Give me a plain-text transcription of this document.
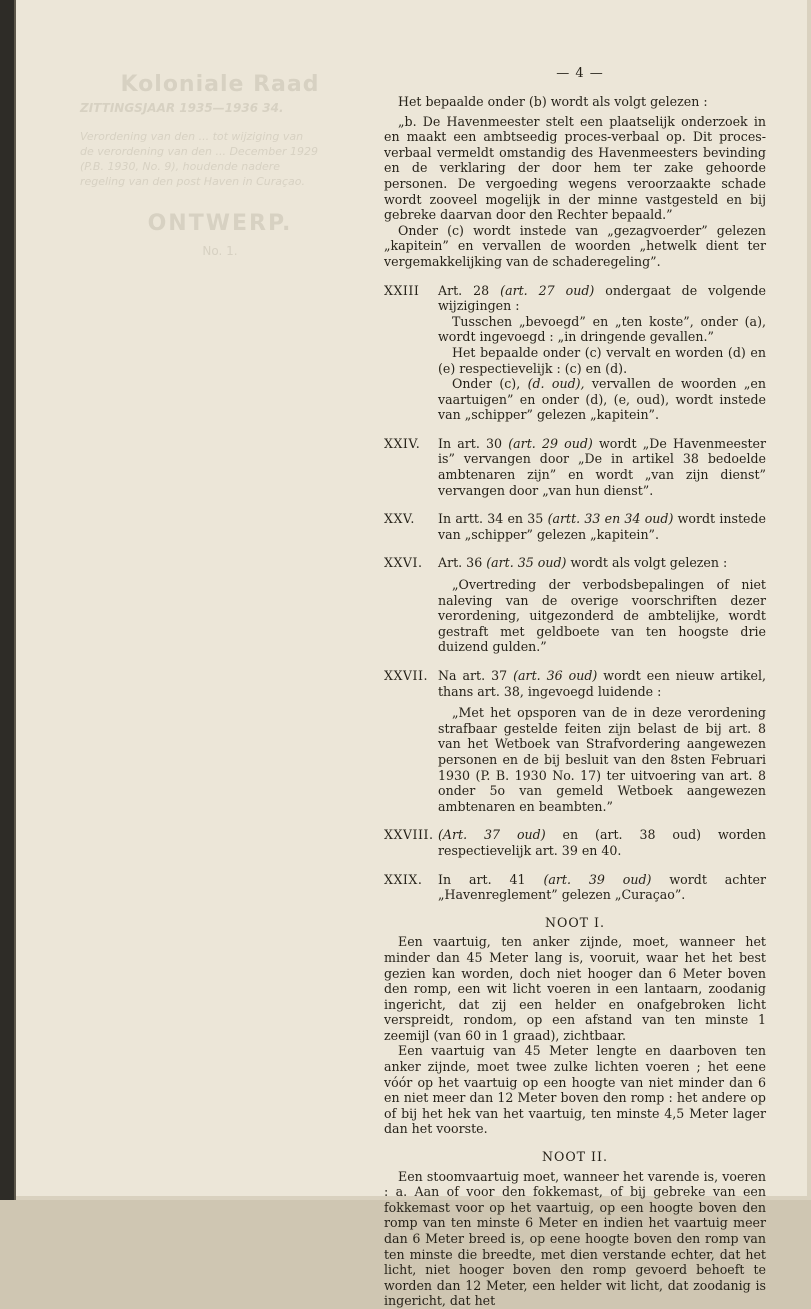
Koloniale Raad
ZITTINGSJAAR 1935—1936 34.
Verordening van den ... tot wijziging van de verordening van den ... December 1929 (P.B. 1930, No. 9), houdende nadere regeling van den post Haven in Curaçao.
ONTWERP.
No. 1.
— 4 —

Het bepaalde onder (b) wordt als volgt gelezen :

„b. De Havenmeester stelt een plaatselijk onderzoek in en maakt een ambtseedig proces-verbaal op. Dit proces-verbaal vermeldt omstandig des Havenmeesters bevinding en de verklaring der door hem ter zake gehoorde personen. De vergoeding wegens veroorzaakte schade wordt zooveel mogelijk in der minne vastgesteld en bij gebreke daarvan door den Rechter bepaald.”

Onder (c) wordt instede van „gezagvoerder” gelezen „kapitein” en vervallen de woorden „hetwelk dient ter vergemakkelijking van de schaderegeling”.

XXIII	Art. 28 (art. 27 oud) ondergaat de volgende wijzigingen :

Tusschen „bevoegd” en „ten koste”, onder (a), wordt ingevoegd : „in dringende gevallen.”

Het bepaalde onder (c) vervalt en worden (d) en (e) respectievelijk : (c) en (d).

Onder (c), (d. oud), vervallen de woorden „en vaartuigen” en onder (d), (e, oud), wordt instede van „schipper” gelezen „kapitein”.

XXIV.	In art. 30 (art. 29 oud) wordt „De Havenmeester is” vervangen door „De in artikel 38 bedoelde ambtenaren zijn” en wordt „van zijn dienst” vervangen door „van hun dienst”.

XXV.	In artt. 34 en 35 (artt. 33 en 34 oud) wordt instede van „schipper” gelezen „kapitein”.

XXVI.	Art. 36 (art. 35 oud) wordt als volgt gelezen :

„Overtreding der verbodsbepalingen of niet naleving van de overige voorschriften dezer verordening, uitgezonderd de ambtelijke, wordt gestraft met geldboete van ten hoogste drie duizend gulden.”

XXVII. Na art. 37 (art. 36 oud) wordt een nieuw artikel, thans art. 38, ingevoegd luidende :

„Met het opsporen van de in deze verordening strafbaar gestelde feiten zijn belast de bij art. 8 van het Wetboek van Strafvordering aangewezen personen en de bij besluit van den 8sten Februari 1930 (P. B. 1930 No. 17) ter uitvoering van art. 8 onder 5o van gemeld Wetboek aangewezen ambtenaren en beambten.”

XXVIII. (Art. 37 oud) en (art. 38 oud) worden respectievelijk art. 39 en 40.

XXIX.	In art. 41 (art. 39 oud) wordt achter „Havenreglement” gelezen „Curaçao”.

NOOT I.

Een vaartuig, ten anker zijnde, moet, wanneer het minder dan 45 Meter lang is, vooruit, waar het het best gezien kan worden, doch niet hooger dan 6 Meter boven den romp, een wit licht voeren in een lantaarn, zoodanig ingericht, dat zij een helder en onafgebroken licht verspreidt, rondom, op een afstand van ten minste 1 zeemijl (van 60 in 1 graad), zichtbaar.

Een vaartuig van 45 Meter lengte en daarboven ten anker zijnde, moet twee zulke lichten voeren ; het eene vóór op het vaartuig op een hoogte van niet minder dan 6 en niet meer dan 12 Meter boven den romp : het andere op of bij het hek van het vaartuig, ten minste 4,5 Meter lager dan het voorste.

NOOT II.

Een stoomvaartuig moet, wanneer het varende is, voeren : a. Aan of voor den fokkemast, of bij gebreke van een fokkemast voor op het vaartuig, op een hoogte boven den romp van ten minste 6 Meter en indien het vaartuig meer dan 6 Meter breed is, op eene hoogte boven den romp van ten minste die breedte, met dien verstande echter, dat het licht, niet hooger boven den romp gevoerd behoeft te worden dan 12 Meter, een helder wit licht, dat zoodanig is ingericht, dat het
